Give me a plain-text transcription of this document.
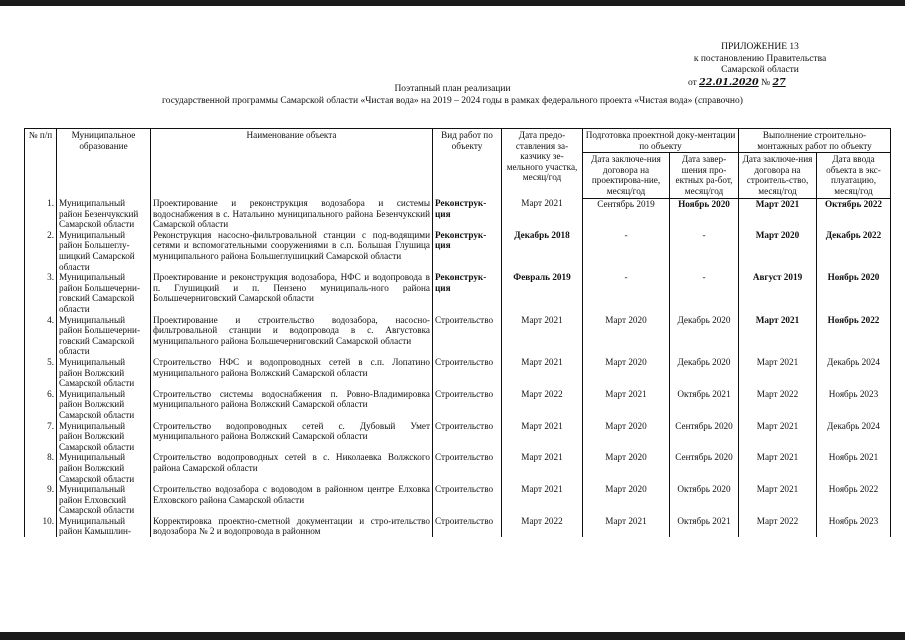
ПРИЛОЖЕНИЕ 13
к постановлению Правительства
Самарской области
от 22.01.2020 № 27
Поэтапный план реализации
государственной программы Самарской области «Чистая вода» на 2019 – 2024 годы в рамках федерального проекта «Чистая вода» (справочно)
№ п/п	Муниципальное образование	Наименование объекта	Вид работ по объекту	Дата предо-ставления за-казчику зе-мельного участка, месяц/год	Подготовка проектной доку-ментации по объекту		Выполнение строительно-монтажных работ по объекту	
					Дата заключе-ния договора на проектирова-ние, месяц/год	Дата завер-шения про-ектных ра-бот, месяц/год	Дата заключе-ния договора на строитель-ство, месяц/год	Дата ввода объекта в экс-плуатацию, месяц/год
1.	Муниципальный район Безенчукский Самарской области	Проектирование и реконструкция водозабора и системы водоснабжения в с. Натальино муниципального района Безенчукский Самарской области	Реконструк-ция	Март 2021	Сентябрь 2019	Ноябрь 2020	Март 2021	Октябрь 2022
2.	Муниципальный район Большеглу-шицкий Самарской области	Реконструкция насосно-фильтровальной станции с под-водящими сетями и вспомогательными сооружениями в с.п. Большая Глушица муниципального района Большеглушицкий Самарской области	Реконструк-ция	Декабрь 2018	-	-	Март 2020	Декабрь 2022
3.	Муниципальный район Большечерни-говский Самарской области	Проектирование и реконструкция водозабора, НФС и водопровода в п. Глушицкий и п. Пензено муниципаль-ного района Большечерниговский Самарской области	Реконструк-ция	Февраль 2019	-	-	Август 2019	Ноябрь 2020
4.	Муниципальный район Большечерни-говский Самарской области	Проектирование и строительство водозабора, насосно-фильтровальной станции и водопровода в с. Августовка муниципального района Большечерниговский Самарской области	Строительство	Март 2021	Март 2020	Декабрь 2020	Март 2021	Ноябрь 2022
5.	Муниципальный район Волжский Самарской области	Строительство НФС и водопроводных сетей в с.п. Лопатино муниципального района Волжский Самарской области	Строительство	Март 2021	Март 2020	Декабрь 2020	Март 2021	Декабрь 2024
6.	Муниципальный район Волжский Самарской области	Строительство системы водоснабжения п. Ровно-Владимировка муниципального района Волжский Самарской области	Строительство	Март 2022	Март 2021	Октябрь 2021	Март 2022	Ноябрь 2023
7.	Муниципальный район Волжский Самарской области	Строительство водопроводных сетей с. Дубовый Умет муниципального района Волжский Самарской области	Строительство	Март 2021	Март 2020	Сентябрь 2020	Март 2021	Декабрь 2024
8.	Муниципальный район Волжский Самарской области	Строительство водопроводных сетей в с. Николаевка Волжского района Самарской области	Строительство	Март 2021	Март 2020	Сентябрь 2020	Март 2021	Ноябрь 2021
9.	Муниципальный район Елховский Самарской области	Строительство водозабора с водоводом в районном центре Елховка Елховского района Самарской области	Строительство	Март 2021	Март 2020	Октябрь 2020	Март 2021	Ноябрь 2022
10.	Муниципальный район Камышлин-	Корректировка проектно-сметной документации и стро-ительство водозабора № 2 и водопровода в районном	Строительство	Март 2022	Март 2021	Октябрь 2021	Март 2022	Ноябрь 2023
